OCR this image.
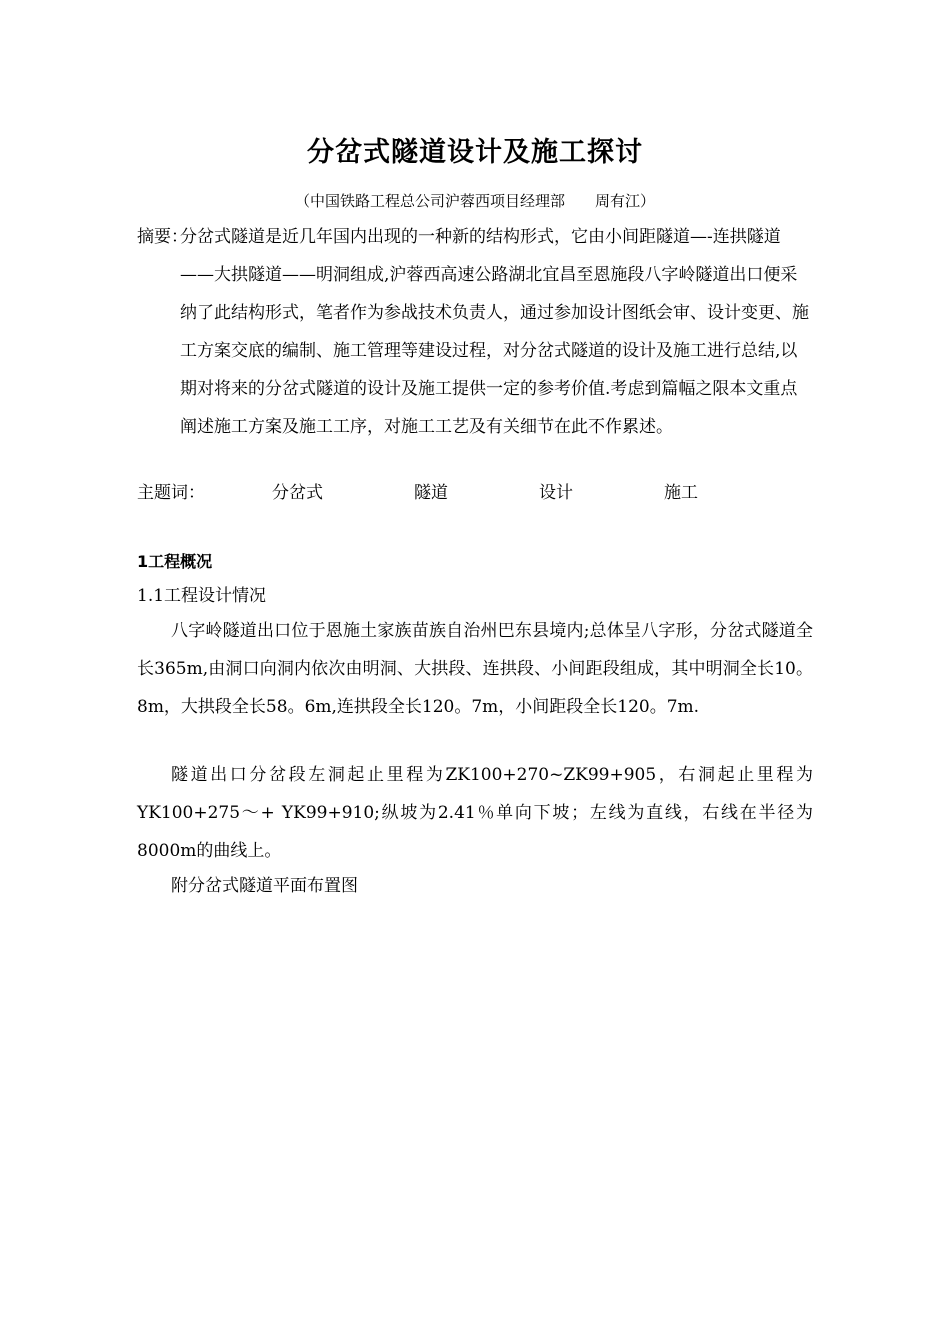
分岔式隧道设计及施工探讨
（中国铁路工程总公司沪蓉西项目经理部　　周有江）
摘要：
分岔式隧道是近几年国内出现的一种新的结构形式，它由小间距隧道—-连拱隧道——大拱隧道——明洞组成,沪蓉西高速公路湖北宜昌至恩施段八字岭隧道出口便采纳了此结构形式，笔者作为参战技术负责人，通过参加设计图纸会审、设计变更、施工方案交底的编制、施工管理等建设过程，对分岔式隧道的设计及施工进行总结,以期对将来的分岔式隧道的设计及施工提供一定的参考价值.考虑到篇幅之限本文重点阐述施工方案及施工工序，对施工工艺及有关细节在此不作累述。
主题词：	分岔式	隧道	设计	施工
1工程概况
1.1工程设计情况
八字岭隧道出口位于恩施土家族苗族自治州巴东县境内;总体呈八字形，分岔式隧道全长365m,由洞口向洞内依次由明洞、大拱段、连拱段、小间距段组成，其中明洞全长10。8m，大拱段全长58。6m,连拱段全长120。7m，小间距段全长120。7m.
隧道出口分岔段左洞起止里程为ZK100+270~ZK99+905，右洞起止里程为YK100+275～+ YK99+910;纵坡为2.41％单向下坡；左线为直线，右线在半径为8000m的曲线上。
附分岔式隧道平面布置图
